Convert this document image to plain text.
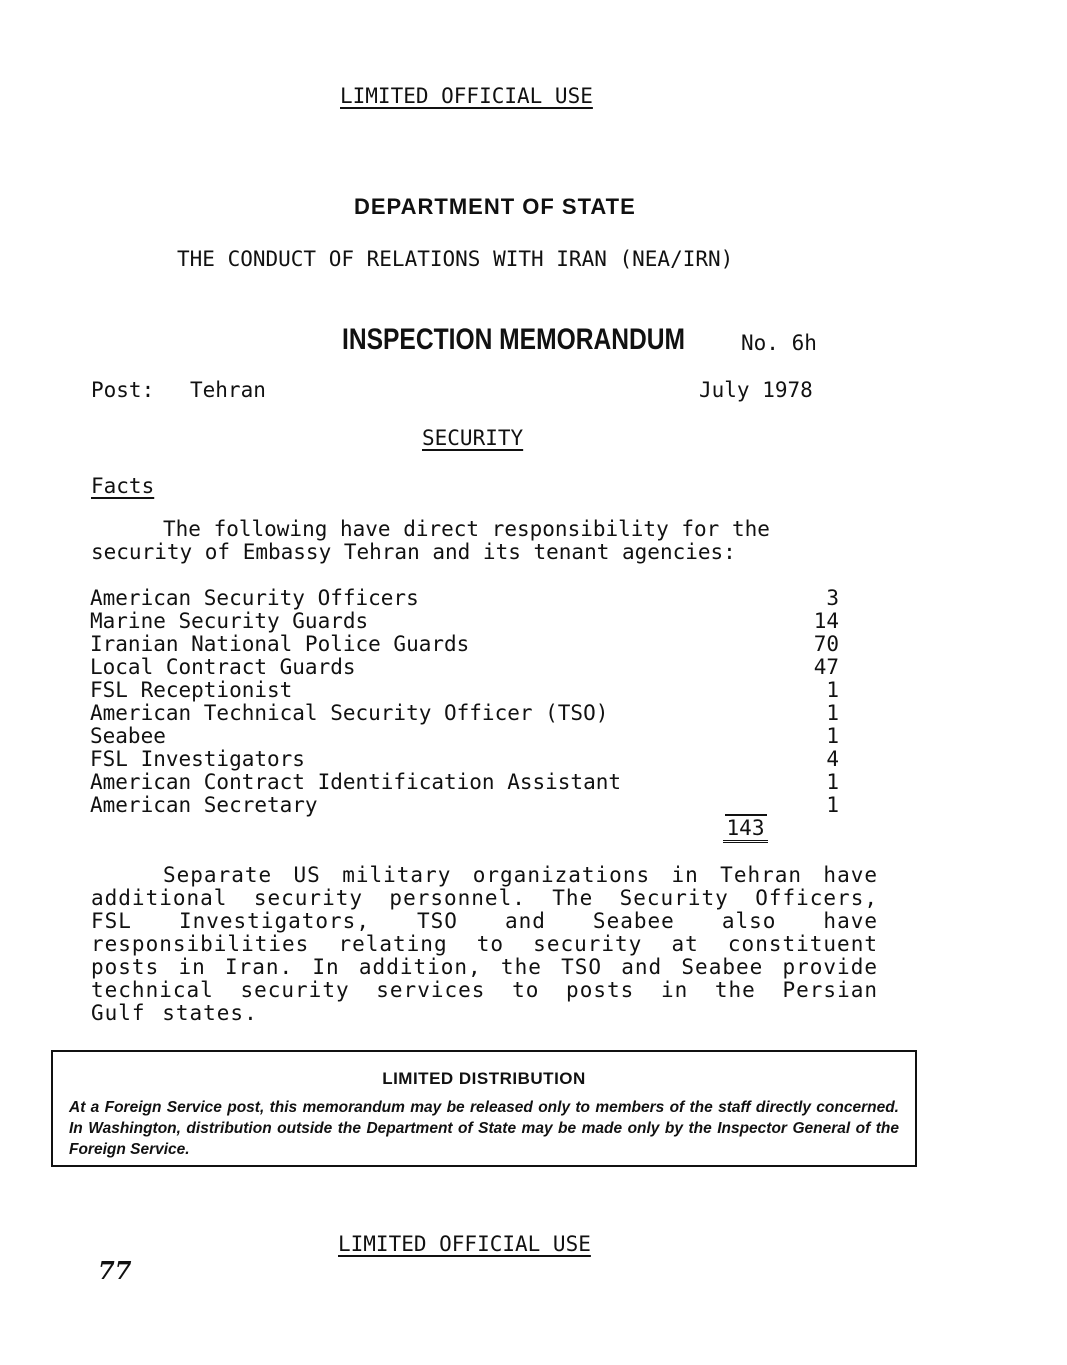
LIMITED OFFICIAL USE
DEPARTMENT OF STATE
THE CONDUCT OF RELATIONS WITH IRAN (NEA/IRN)
INSPECTION MEMORANDUM	No. 6h
Post: Tehran	July 1978
SECURITY
Facts
The following have direct responsibility for the security of Embassy Tehran and its tenant agencies:
American Security Officers	3
Marine Security Guards	14
Iranian National Police Guards	70
Local Contract Guards	47
FSL Receptionist	1
American Technical Security Officer (TSO)	1
Seabee	1
FSL Investigators	4
American Contract Identification Assistant	1
American Secretary	1
143
Separate US military organizations in Tehran have additional security personnel. The Security Officers, FSL Investigators, TSO and Seabee also have responsibilities relating to security at constituent posts in Iran. In addition, the TSO and Seabee provide technical security services to posts in the Persian Gulf states.
LIMITED DISTRIBUTION
At a Foreign Service post, this memorandum may be released only to members of the staff directly concerned. In Washington, distribution outside the Department of State may be made only by the Inspector General of the Foreign Service.
LIMITED OFFICIAL USE
77
